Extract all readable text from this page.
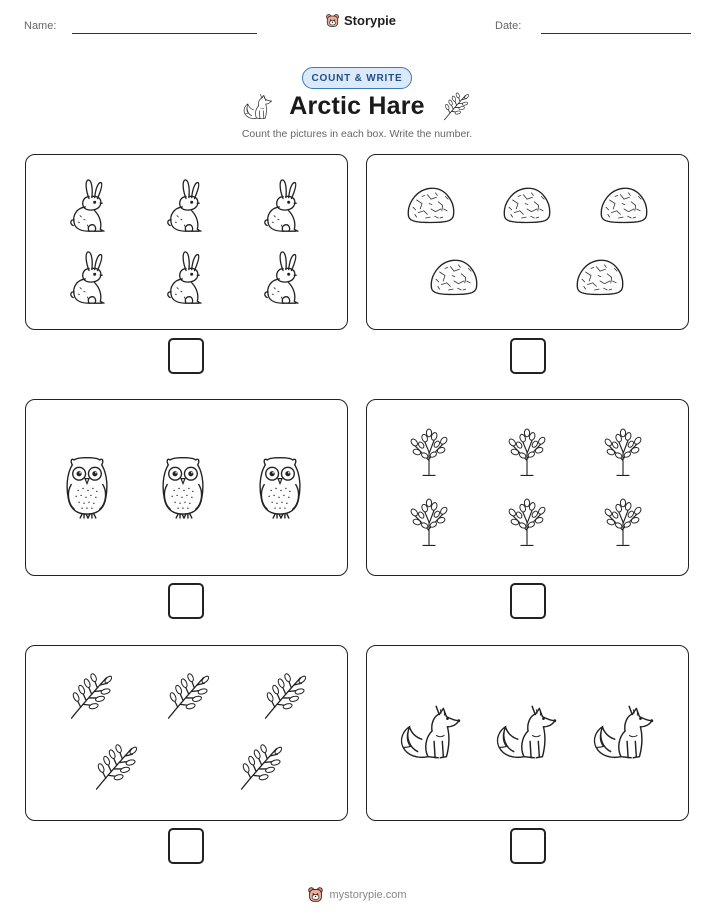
Name:	Storypie	Date:
COUNT & WRITE
Arctic Hare
Count the pictures in each box. Write the number.
mystorypie.com
